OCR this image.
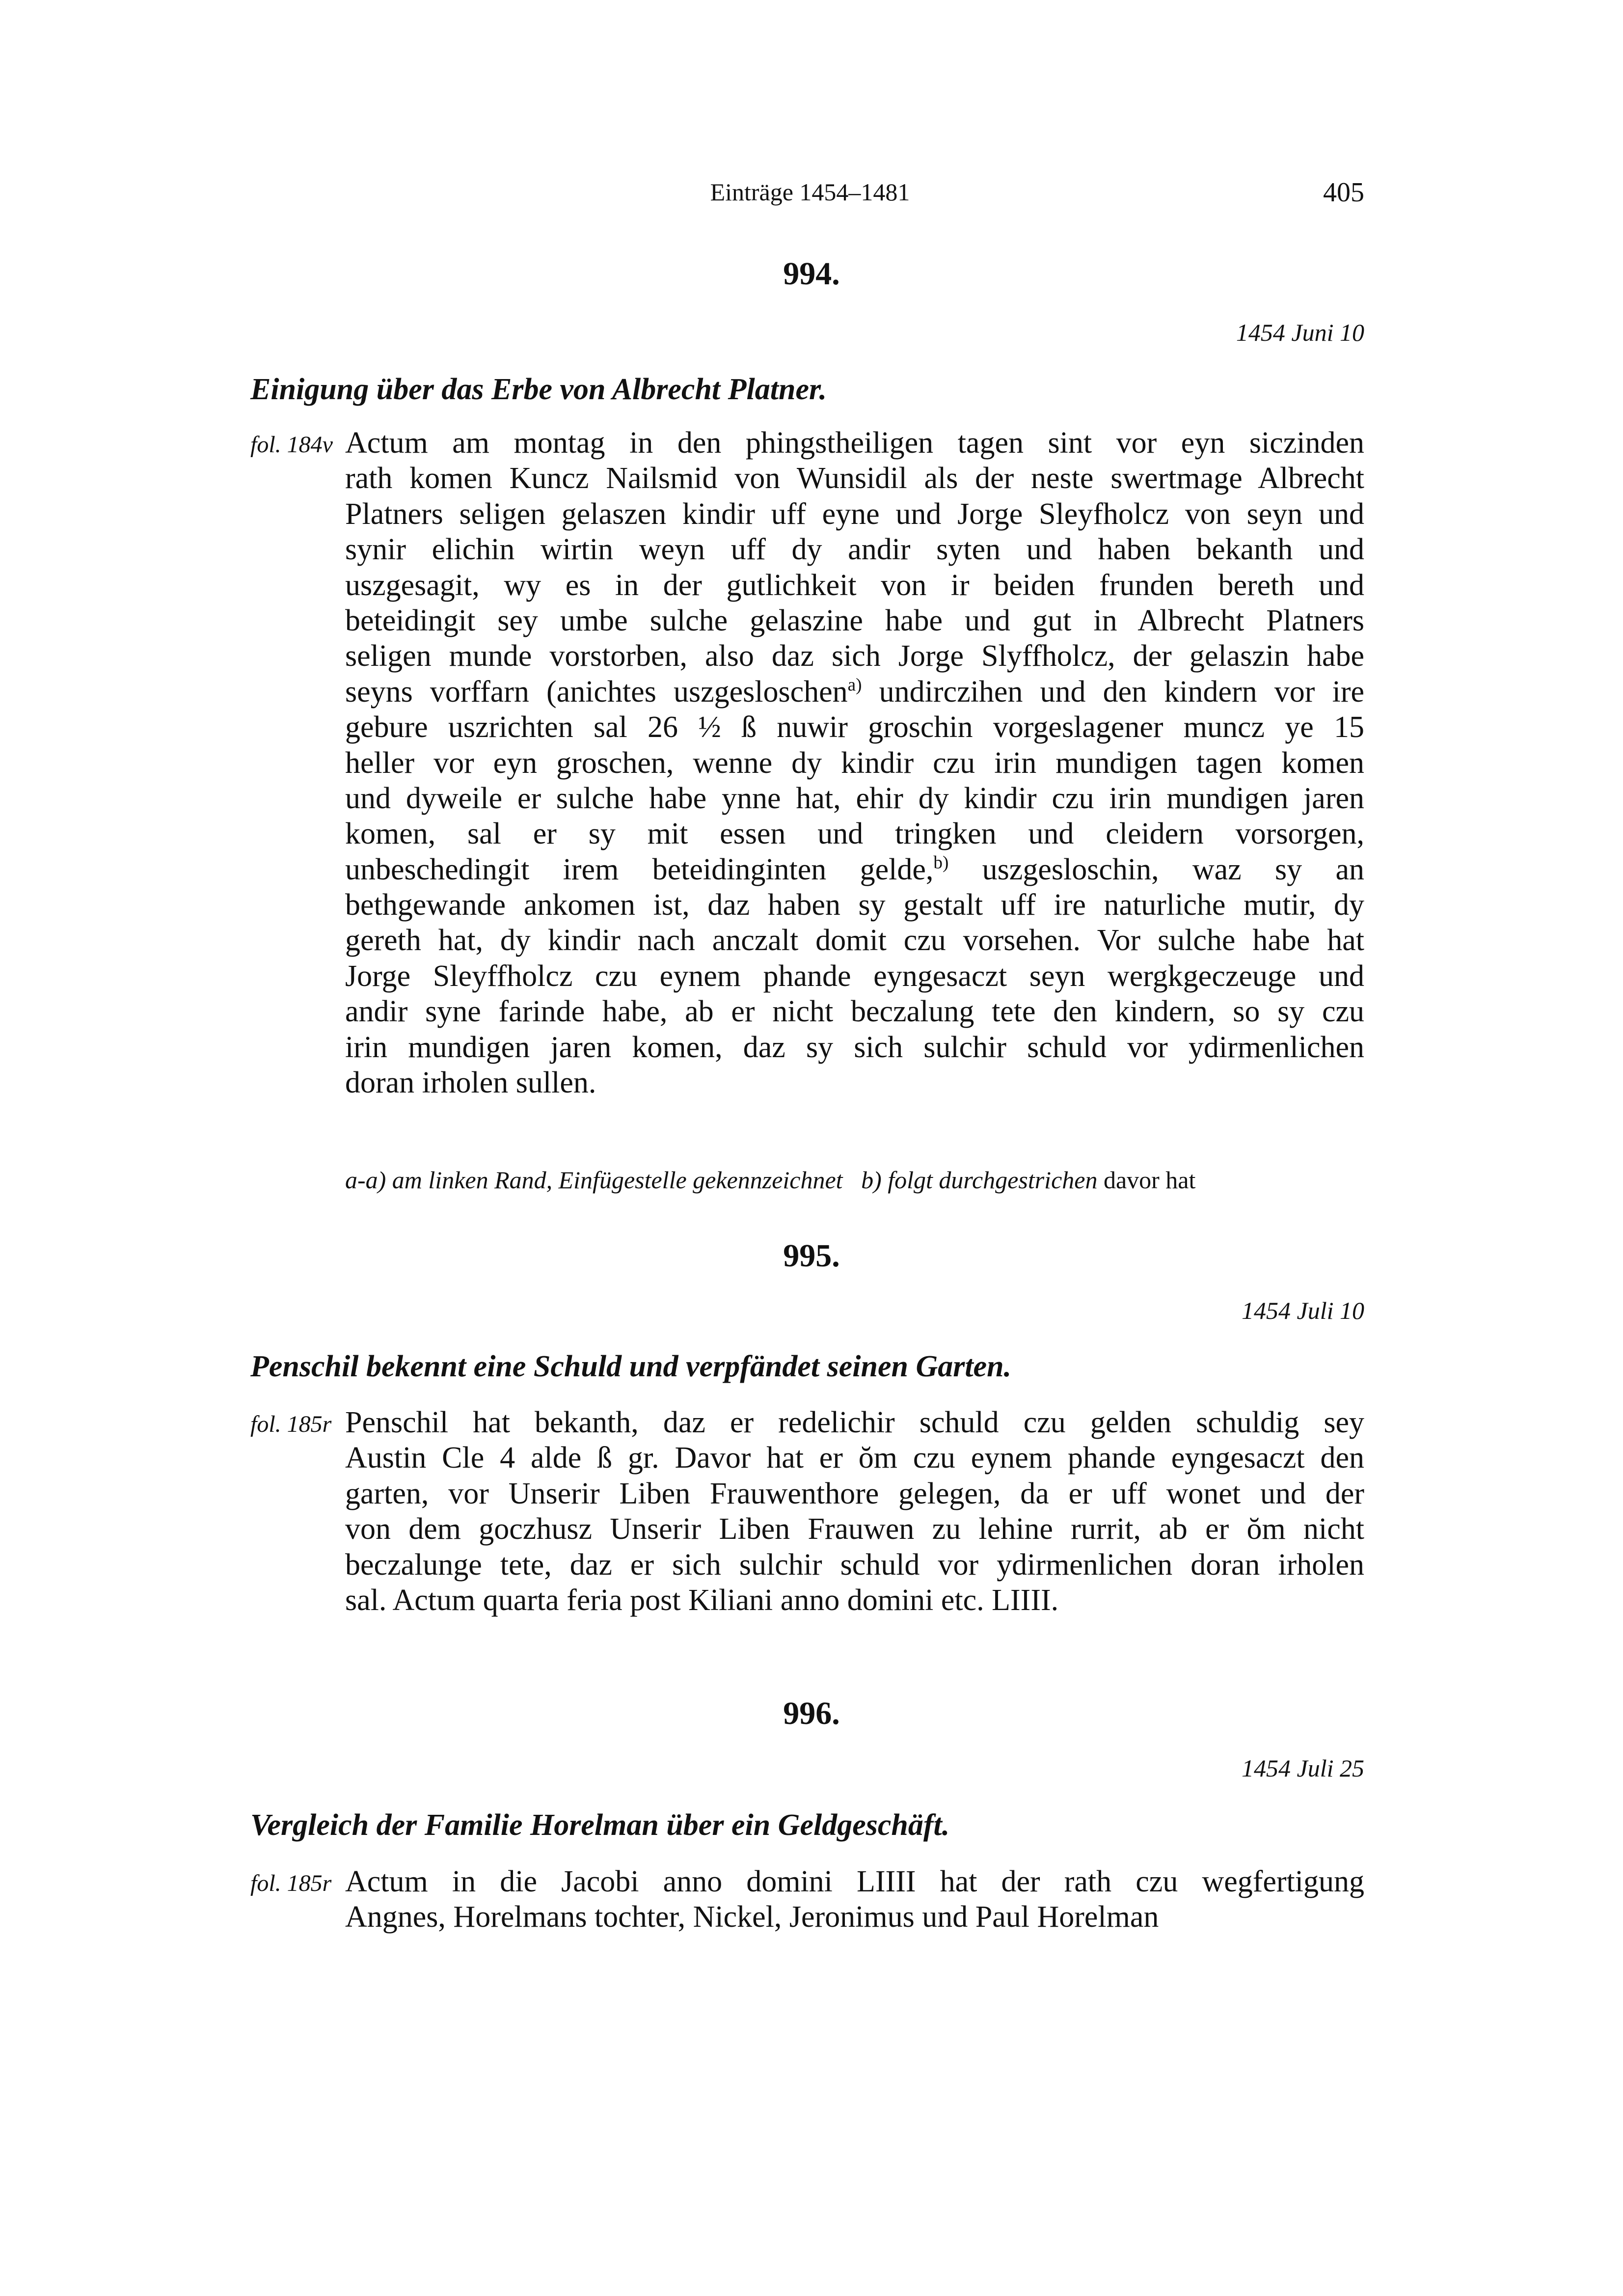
Einträge 1454–1481	405
994.
1454 Juni 10
Einigung über das Erbe von Albrecht Platner.
fol. 184v Actum am montag in den phingstheiligen tagen sint vor eyn siczinden
rath komen Kuncz Nailsmid von Wunsidil als der neste swertmage Albrecht
Platners seligen gelaszen kindir uff eyne und Jorge Sleyfholcz von seyn und
synir elichin wirtin weyn uff dy andir syten und haben bekanth und
uszgesagit, wy es in der gutlichkeit von ir beiden frunden bereth und
beteidingit sey umbe sulche gelaszine habe und gut in Albrecht Platners
seligen munde vorstorben, also daz sich Jorge Slyffholcz, der gelaszin habe
seyns vorffarn (anichtes uszgesloschen$^{a)}$ undirczihen und den kindern vor ire
gebure uszrichten sal 26 ½ ß nuwir groschin vorgeslagener muncz ye 15
heller vor eyn groschen, wenne dy kindir czu irin mundigen tagen komen
und dyweile er sulche habe ynne hat, ehir dy kindir czu irin mundigen jaren
komen, sal er sy mit essen und tringken und cleidern vorsorgen,
unbeschedingit irem beteidinginten gelde,$^{b)}$ uszgesloschin, waz sy an
bethgewande ankomen ist, daz haben sy gestalt uff ire naturliche mutir, dy
gereth hat, dy kindir nach anczalt domit czu vorsehen. Vor sulche habe hat
Jorge Sleyffholcz czu eynem phande eyngesaczt seyn wergkgeczeuge und
andir syne farinde habe, ab er nicht beczalung tete den kindern, so sy czu
irin mundigen jaren komen, daz sy sich sulchir schuld vor ydirmenlichen
doran irholen sullen.
a-a) am linken Rand, Einfügestelle gekennzeichnet b) folgt durchgestrichen davor hat
995.
1454 Juli 10
Penschil bekennt eine Schuld und verpfändet seinen Garten.
fol. 185r Penschil hat bekanth, daz er redelichir schuld czu gelden schuldig sey
Austin Cle 4 alde ß gr. Davor hat er ŏm czu eynem phande eyngesaczt den
garten, vor Unserir Liben Frauwenthore gelegen, da er uff wonet und der
von dem goczhusz Unserir Liben Frauwen zu lehine rurrit, ab er ŏm nicht
beczalunge tete, daz er sich sulchir schuld vor ydirmenlichen doran irholen
sal. Actum quarta feria post Kiliani anno domini etc. LIIII.
996.
1454 Juli 25
Vergleich der Familie Horelman über ein Geldgeschäft.
fol. 185r Actum in die Jacobi anno domini LIIII hat der rath czu wegfertigung
Angnes, Horelmans tochter, Nickel, Jeronimus und Paul Horelman
